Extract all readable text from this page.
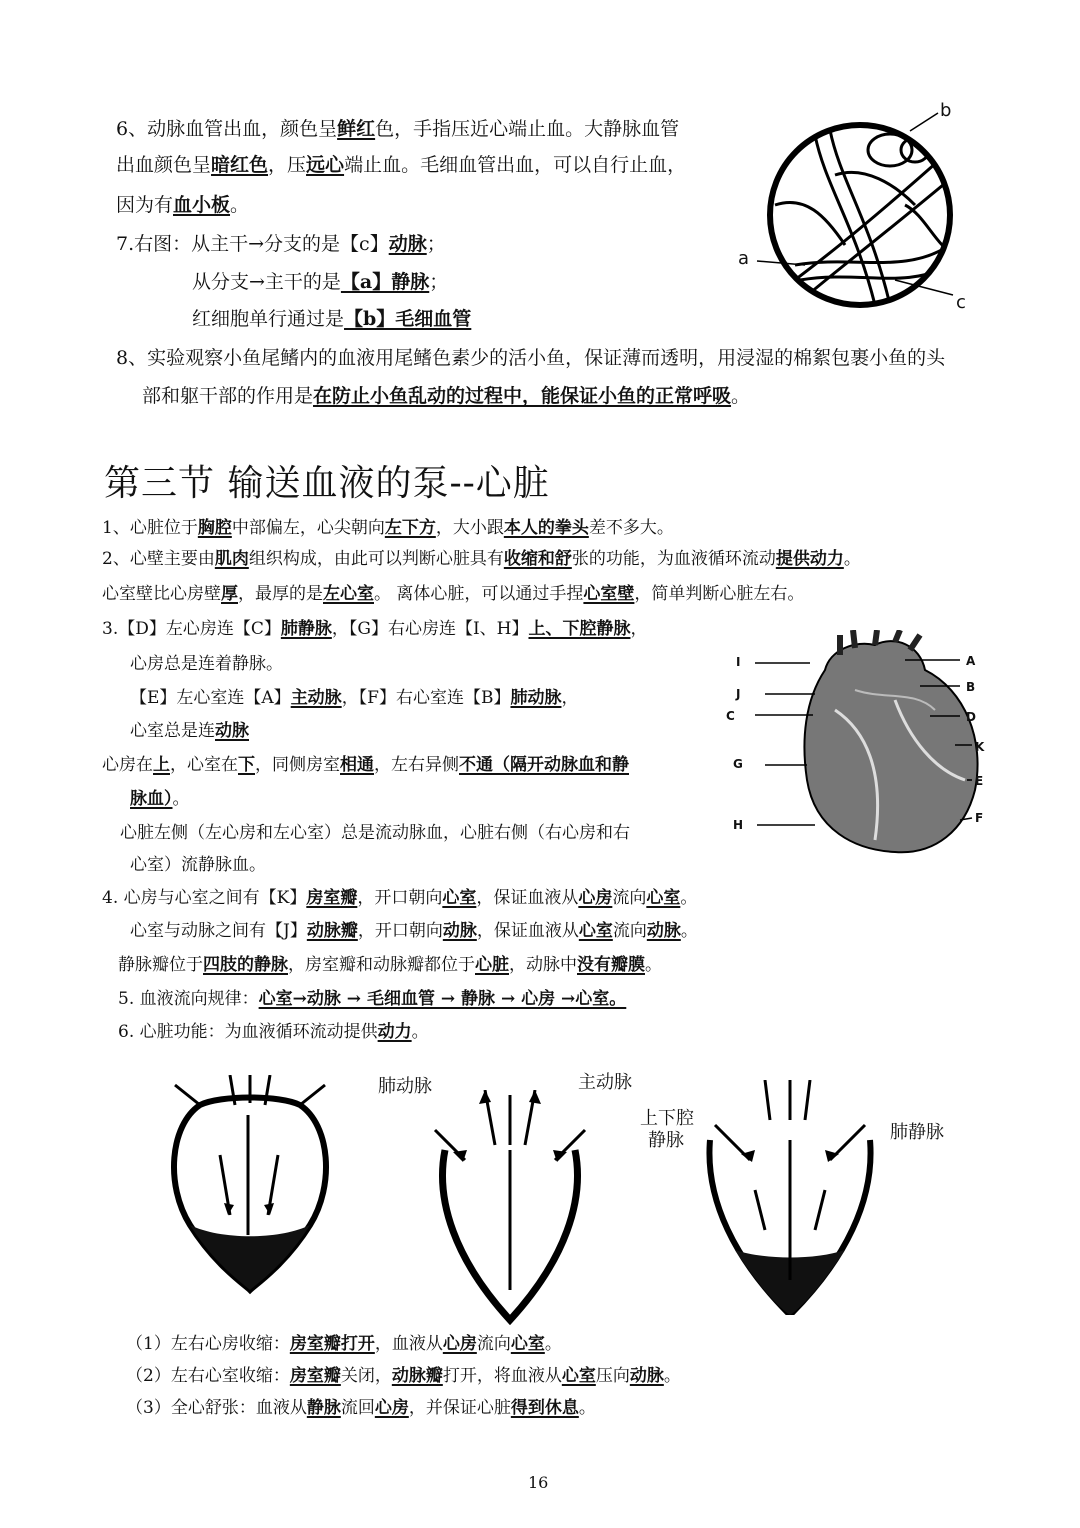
6、动脉血管出血，颜色呈鲜红色，手指压近心端止血。大静脉血管
出血颜色呈暗红色，压远心端止血。毛细血管出血，可以自行止血，
因为有血小板。
7.右图：从主干→分支的是【c】动脉；
从分支→主干的是【a】静脉；
红细胞单行通过是【b】毛细血管
b
a
c
8、实验观察小鱼尾鳍内的血液用尾鳍色素少的活小鱼，保证薄而透明，用浸湿的棉絮包裹小鱼的头
部和躯干部的作用是在防止小鱼乱动的过程中，能保证小鱼的正常呼吸。
第三节 输送血液的泵--心脏
1、心脏位于胸腔中部偏左，心尖朝向左下方，大小跟本人的拳头差不多大。
2、心壁主要由肌肉组织构成，由此可以判断心脏具有收缩和舒张的功能，为血液循环流动提供动力。
心室壁比心房壁厚，最厚的是左心室。 离体心脏，可以通过手捏心室壁，简单判断心脏左右。
3.【D】左心房连【C】肺静脉，【G】右心房连【I、H】上、下腔静脉，
心房总是连着静脉。
【E】左心室连【A】主动脉，【F】右心室连【B】肺动脉，
心室总是连动脉
心房在上，心室在下，同侧房室相通，左右异侧不通（隔开动脉血和静
脉血）。
心脏左侧（左心房和左心室）总是流动脉血，心脏右侧（右心房和右
心室）流静脉血。
I
J
C
G
H
A
B
D
K
E
F
4. 心房与心室之间有【K】房室瓣，开口朝向心室，保证血液从心房流向心室。
心室与动脉之间有【J】动脉瓣，开口朝向动脉，保证血液从心室流向动脉。
静脉瓣位于四肢的静脉，房室瓣和动脉瓣都位于心脏，动脉中没有瓣膜。
5. 血液流向规律：心室→动脉 → 毛细血管 → 静脉 → 心房 →心室。
6. 心脏功能：为血液循环流动提供动力。
肺动脉	主动脉
上下腔
静脉	肺静脉
（1）左右心房收缩：房室瓣打开，血液从心房流向心室。
（2）左右心室收缩：房室瓣关闭，动脉瓣打开，将血液从心室压向动脉。
（3）全心舒张：血液从静脉流回心房，并保证心脏得到休息。
16
